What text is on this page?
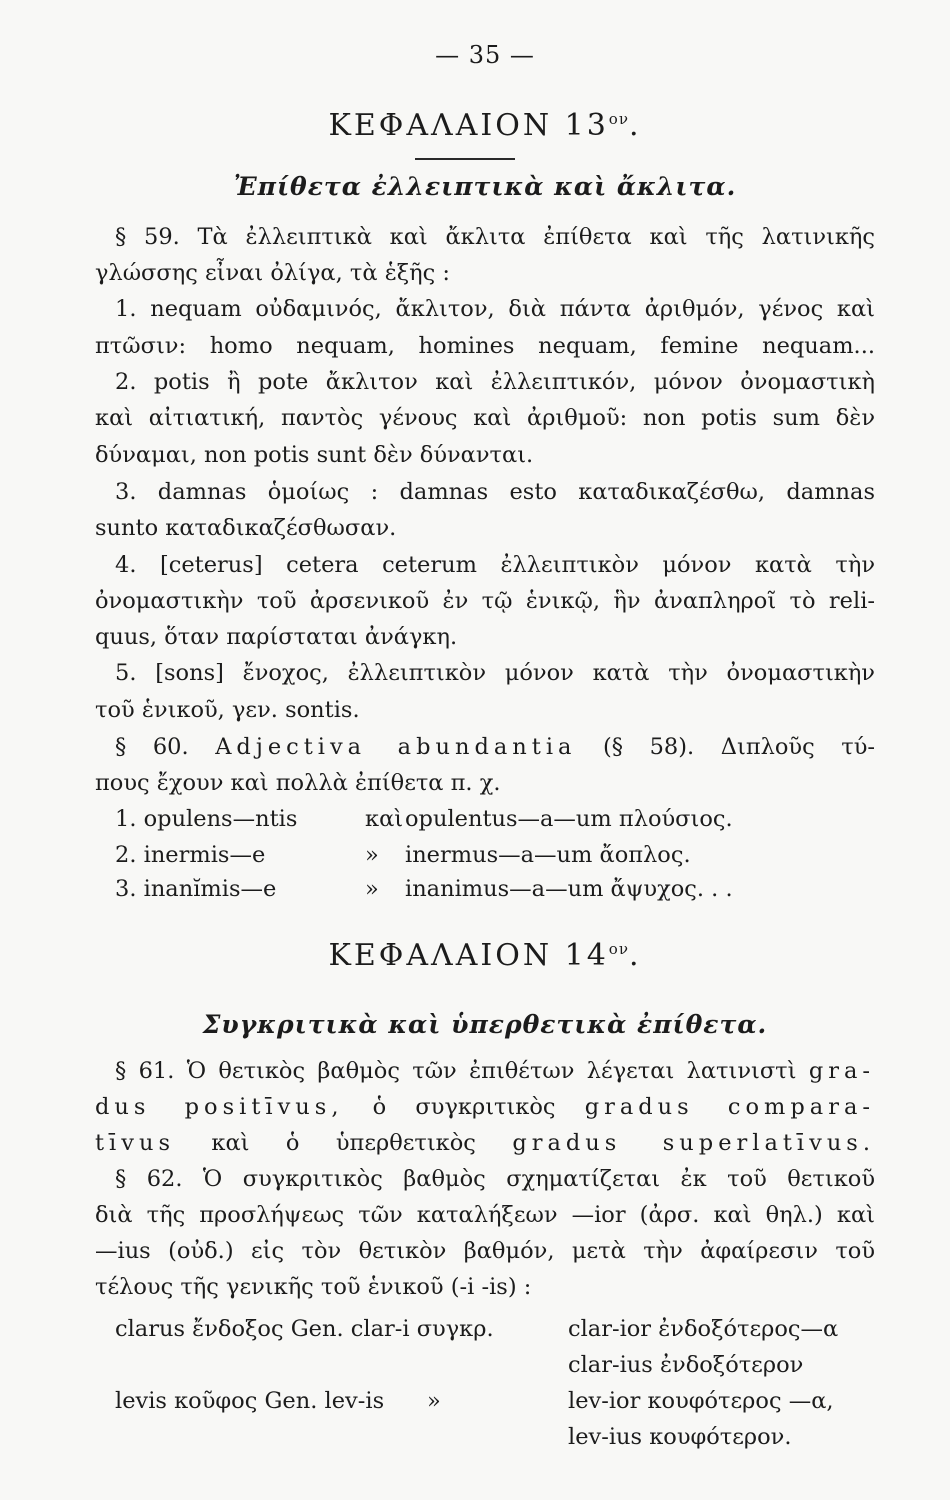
— 35 —
ΚΕΦΑΛΑΙΟΝ $13^{o\nu}$.
Ἐπίθετα ἐλλειπτικὰ καὶ ἄκλιτα.
§ 59. Τὰ ἐλλειπτικὰ καὶ ἄκλιτα ἐπίθετα καὶ τῆς λατινικῆς
γλώσσης εἶναι ὀλίγα, τὰ ἑξῆς :
1. nequam οὐδαμινός, ἄκλιτον, διὰ πάντα ἀριθμόν, γένος καὶ
πτῶσιν: homo nequam, homines nequam, femine nequam...
2. potis ἢ pote ἄκλιτον καὶ ἐλλειπτικόν, μόνον ὀνομαστικὴ
καὶ αἰτιατική, παντὸς γένους καὶ ἀριθμοῦ: non potis sum δὲν
δύναμαι, non potis sunt δὲν δύνανται.
3. damnas ὁμοίως : damnas esto καταδικαζέσθω, damnas
sunto καταδικαζέσθωσαν.
4. [ceterus] cetera ceterum ἐλλειπτικὸν μόνον κατὰ τὴν
ὀνομαστικὴν τοῦ ἀρσενικοῦ ἐν τῷ ἑνικῷ, ἣν ἀναπληροῖ τὸ reli-
quus, ὅταν παρίσταται ἀνάγκη.
5. [sons] ἔνοχος, ἐλλειπτικὸν μόνον κατὰ τὴν ὀνομαστικὴν
τοῦ ἑνικοῦ, γεν. sontis.
§ 60. Adjectiva abundantia (§ 58). Διπλοῦς τύ-
πους ἔχουν καὶ πολλὰ ἐπίθετα π. χ.
1. opulens—ntis	καὶ opulentus—a—um πλούσιος.
2. inermis—e	» inermus—a—um ἄοπλος.
3. inanĭmis—e	» inanimus—a—um ἄψυχος. . .
ΚΕΦΑΛΑΙΟΝ $14^{o\nu}$.
Συγκριτικὰ καὶ ὑπερθετικὰ ἐπίθετα.
§ 61. Ὁ θετικὸς βαθμὸς τῶν ἐπιθέτων λέγεται λατινιστὶ gra-
dus positīvus, ὁ συγκριτικὸς gradus compara-
tīvus καὶ ὁ ὑπερθετικὸς gradus superlatīvus.
§ 62. Ὁ συγκριτικὸς βαθμὸς σχηματίζεται ἐκ τοῦ θετικοῦ
διὰ τῆς προσλήψεως τῶν καταλήξεων —ior (ἀρσ. καὶ θηλ.) καὶ
—ius (οὐδ.) εἰς τὸν θετικὸν βαθμόν, μετὰ τὴν ἀφαίρεσιν τοῦ
τέλους τῆς γενικῆς τοῦ ἑνικοῦ (-i -is) :
clarus ἔνδοξος Gen. clar-i συγκρ.	clar-ior ἐνδοξότερος—α
clar-ius ἐνδοξότερον
levis κοῦφος Gen. lev-is      »	lev-ior κουφότερος —α,
lev-ius κουφότερον.
